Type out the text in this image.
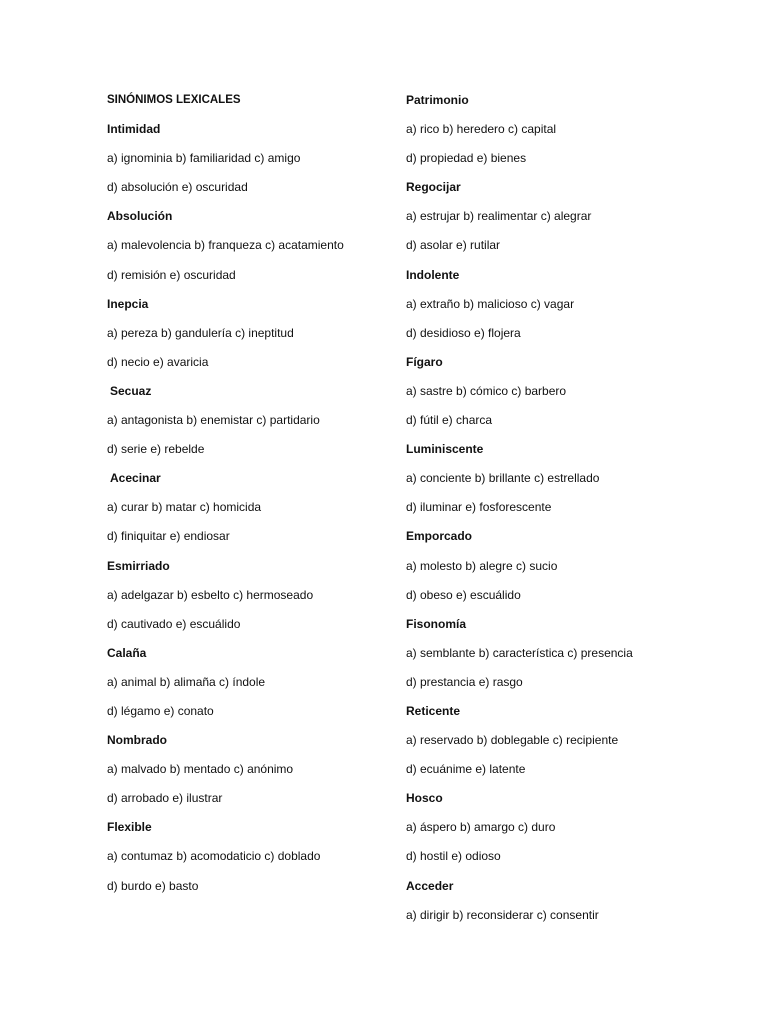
SINÓNIMOS LEXICALES
Intimidad
a) ignominia b) familiaridad c) amigo
d) absolución e) oscuridad
Absolución
a) malevolencia b) franqueza c) acatamiento
d) remisión e) oscuridad
Inepcia
a) pereza b) gandulería c) ineptitud
d) necio e) avaricia
Secuaz
a) antagonista b) enemistar c) partidario
d) serie e) rebelde
Acecinar
a) curar b) matar c) homicida
d) finiquitar e) endiosar
Esmirriado
a) adelgazar b) esbelto c) hermoseado
d) cautivado e) escuálido
Calaña
a) animal b) alimaña c) índole
d) légamo e) conato
Nombrado
a) malvado b) mentado c) anónimo
d) arrobado e) ilustrar
Flexible
a) contumaz b) acomodaticio c) doblado
d) burdo e) basto
Patrimonio
a) rico b) heredero c) capital
d) propiedad e) bienes
Regocijar
a) estrujar b) realimentar c) alegrar
d) asolar e) rutilar
Indolente
a) extraño b) malicioso c) vagar
d) desidioso e) flojera
Fígaro
a) sastre b) cómico c) barbero
d) fútil e) charca
Luminiscente
a) conciente b) brillante c) estrellado
d) iluminar e) fosforescente
Emporcado
a) molesto b) alegre c) sucio
d) obeso e) escuálido
Fisonomía
a) semblante b) característica c) presencia
d) prestancia e) rasgo
Reticente
a) reservado b) doblegable c) recipiente
d) ecuánime e) latente
Hosco
a) áspero b) amargo c) duro
d) hostil e) odioso
Acceder
a) dirigir b) reconsiderar c) consentir
